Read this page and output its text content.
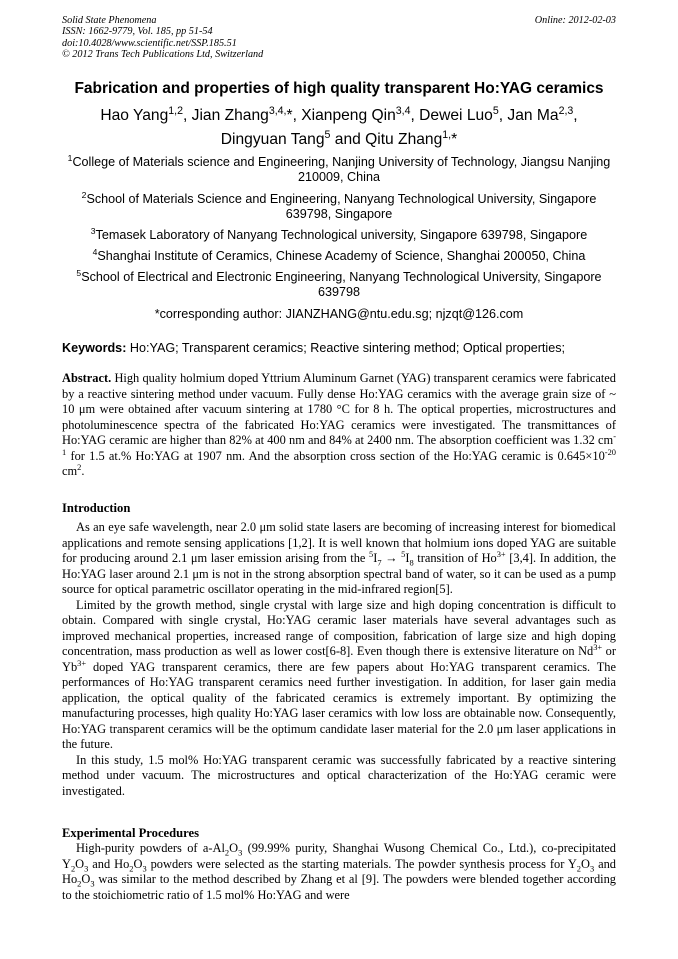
Solid State Phenomena
ISSN: 1662-9779, Vol. 185, pp 51-54
doi:10.4028/www.scientific.net/SSP.185.51
© 2012 Trans Tech Publications Ltd, Switzerland
Online: 2012-02-03
Fabrication and properties of high quality transparent Ho:YAG ceramics
Hao Yang$^{1,2}$, Jian Zhang$^{3,4,}$*, Xianpeng Qin$^{3,4}$, Dewei Luo$^5$, Jan Ma$^{2,3}$,
Dingyuan Tang$^5$ and Qitu Zhang$^{1,}$*
$^1$College of Materials science and Engineering, Nanjing University of Technology, Jiangsu Nanjing
210009, China
$^2$School of Materials Science and Engineering, Nanyang Technological University, Singapore
639798, Singapore
$^3$Temasek Laboratory of Nanyang Technological university, Singapore 639798, Singapore
$^4$Shanghai Institute of Ceramics, Chinese Academy of Science, Shanghai 200050, China
$^5$School of Electrical and Electronic Engineering, Nanyang Technological University, Singapore
639798
*corresponding author: JIANZHANG@ntu.edu.sg; njzqt@126.com
Keywords: Ho:YAG; Transparent ceramics; Reactive sintering method; Optical properties;

Abstract. High quality holmium doped Yttrium Aluminum Garnet (YAG) transparent ceramics were fabricated by a reactive sintering method under vacuum. Fully dense Ho:YAG ceramics with the average grain size of ~ 10 μm were obtained after vacuum sintering at 1780 °C for 8 h. The optical properties, microstructures and photoluminescence spectra of the fabricated Ho:YAG ceramics were investigated. The transmittances of Ho:YAG ceramic are higher than 82% at 400 nm and 84% at 2400 nm. The absorption coefficient was 1.32 $cm^{-1}$ for 1.5 at.% Ho:YAG at 1907 nm. And the absorption cross section of the Ho:YAG ceramic is $0.645\times 10^{-20}$ $cm^2$.

Introduction

As an eye safe wavelength, near 2.0 μm solid state lasers are becoming of increasing interest for biomedical applications and remote sensing applications [1,2]. It is well known that holmium ions doped YAG are suitable for producing around 2.1 μm laser emission arising from the $^5I_7 \to ^5I_8$ transition of $Ho^{3+}$ [3,4]. In addition, the Ho:YAG laser around 2.1 μm is not in the strong absorption spectral band of water, so it can be used as a pump source for optical parametric oscillator operating in the mid-infrared region[5].

Limited by the growth method, single crystal with large size and high doping concentration is difficult to obtain. Compared with single crystal, Ho:YAG ceramic laser materials have several advantages such as improved mechanical properties, increased range of composition, fabrication of large size and high doping concentration, mass production as well as lower cost[6-8]. Even though there is extensive literature on $Nd^{3+}$ or $Yb^{3+}$ doped YAG transparent ceramics, there are few papers about Ho:YAG transparent ceramics. The performances of Ho:YAG transparent ceramics need further investigation. In addition, for laser gain media application, the optical quality of the fabricated ceramics is extremely important. By optimizing the manufacturing processes, high quality Ho:YAG laser ceramics with low loss are obtainable now. Consequently, Ho:YAG transparent ceramics will be the optimum candidate laser material for the 2.0 μm laser applications in the future.

In this study, 1.5 mol% Ho:YAG transparent ceramic was successfully fabricated by a reactive sintering method under vacuum. The microstructures and optical characterization of the Ho:YAG ceramic were investigated.

Experimental Procedures

High-purity powders of $a-Al_2O_3$ (99.99% purity, Shanghai Wusong Chemical Co., Ltd.), co-precipitated $Y_2O_3$ and $Ho_2O_3$ powders were selected as the starting materials. The powder synthesis process for $Y_2O_3$ and $Ho_2O_3$ was similar to the method described by Zhang et al [9]. The powders were blended together according to the stoichiometric ratio of 1.5 mol% Ho:YAG and were
